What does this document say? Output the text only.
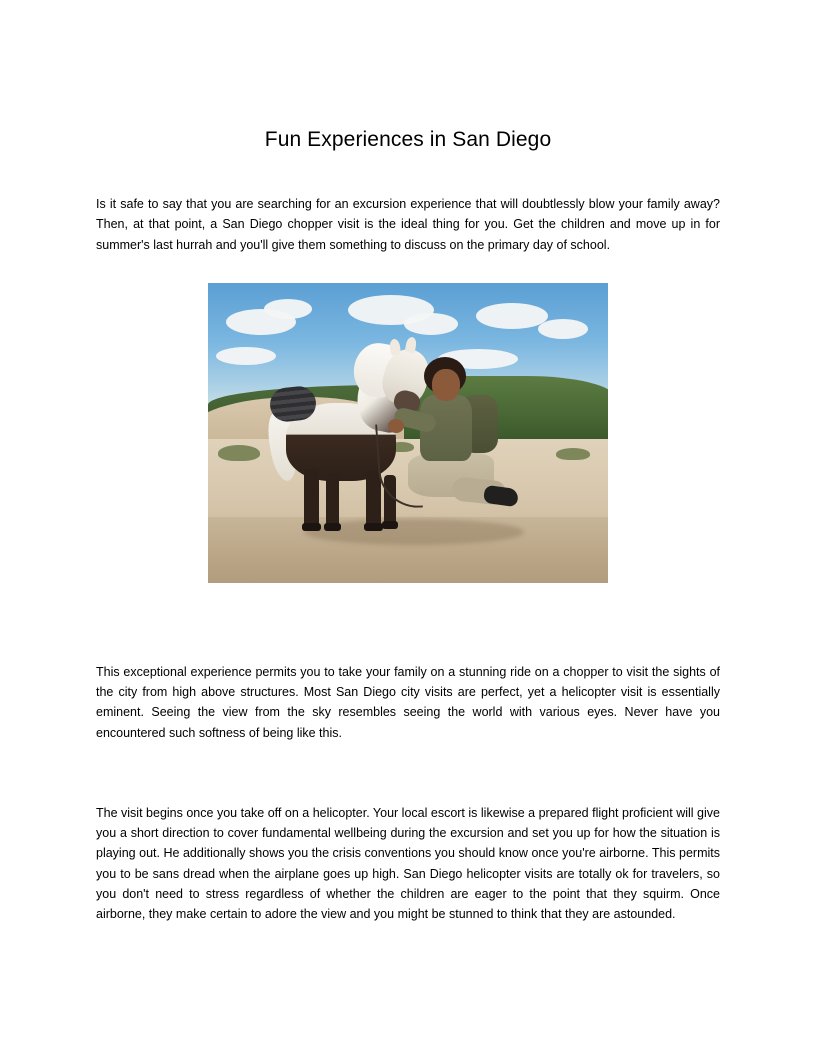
Fun Experiences in San Diego

Is it safe to say that you are searching for an excursion experience that will doubtlessly blow your family away? Then, at that point, a San Diego chopper visit is the ideal thing for you. Get the children and move up in for summer's last hurrah and you'll give them something to discuss on the primary day of school.

This exceptional experience permits you to take your family on a stunning ride on a chopper to visit the sights of the city from high above structures. Most San Diego city visits are perfect, yet a helicopter visit is essentially eminent. Seeing the view from the sky resembles seeing the world with various eyes. Never have you encountered such softness of being like this.

The visit begins once you take off on a helicopter. Your local escort is likewise a prepared flight proficient will give you a short direction to cover fundamental wellbeing during the excursion and set you up for how the situation is playing out. He additionally shows you the crisis conventions you should know once you're airborne. This permits you to be sans dread when the airplane goes up high. San Diego helicopter visits are totally ok for travelers, so you don't need to stress regardless of whether the children are eager to the point that they squirm. Once airborne, they make certain to adore the view and you might be stunned to think that they are astounded.
